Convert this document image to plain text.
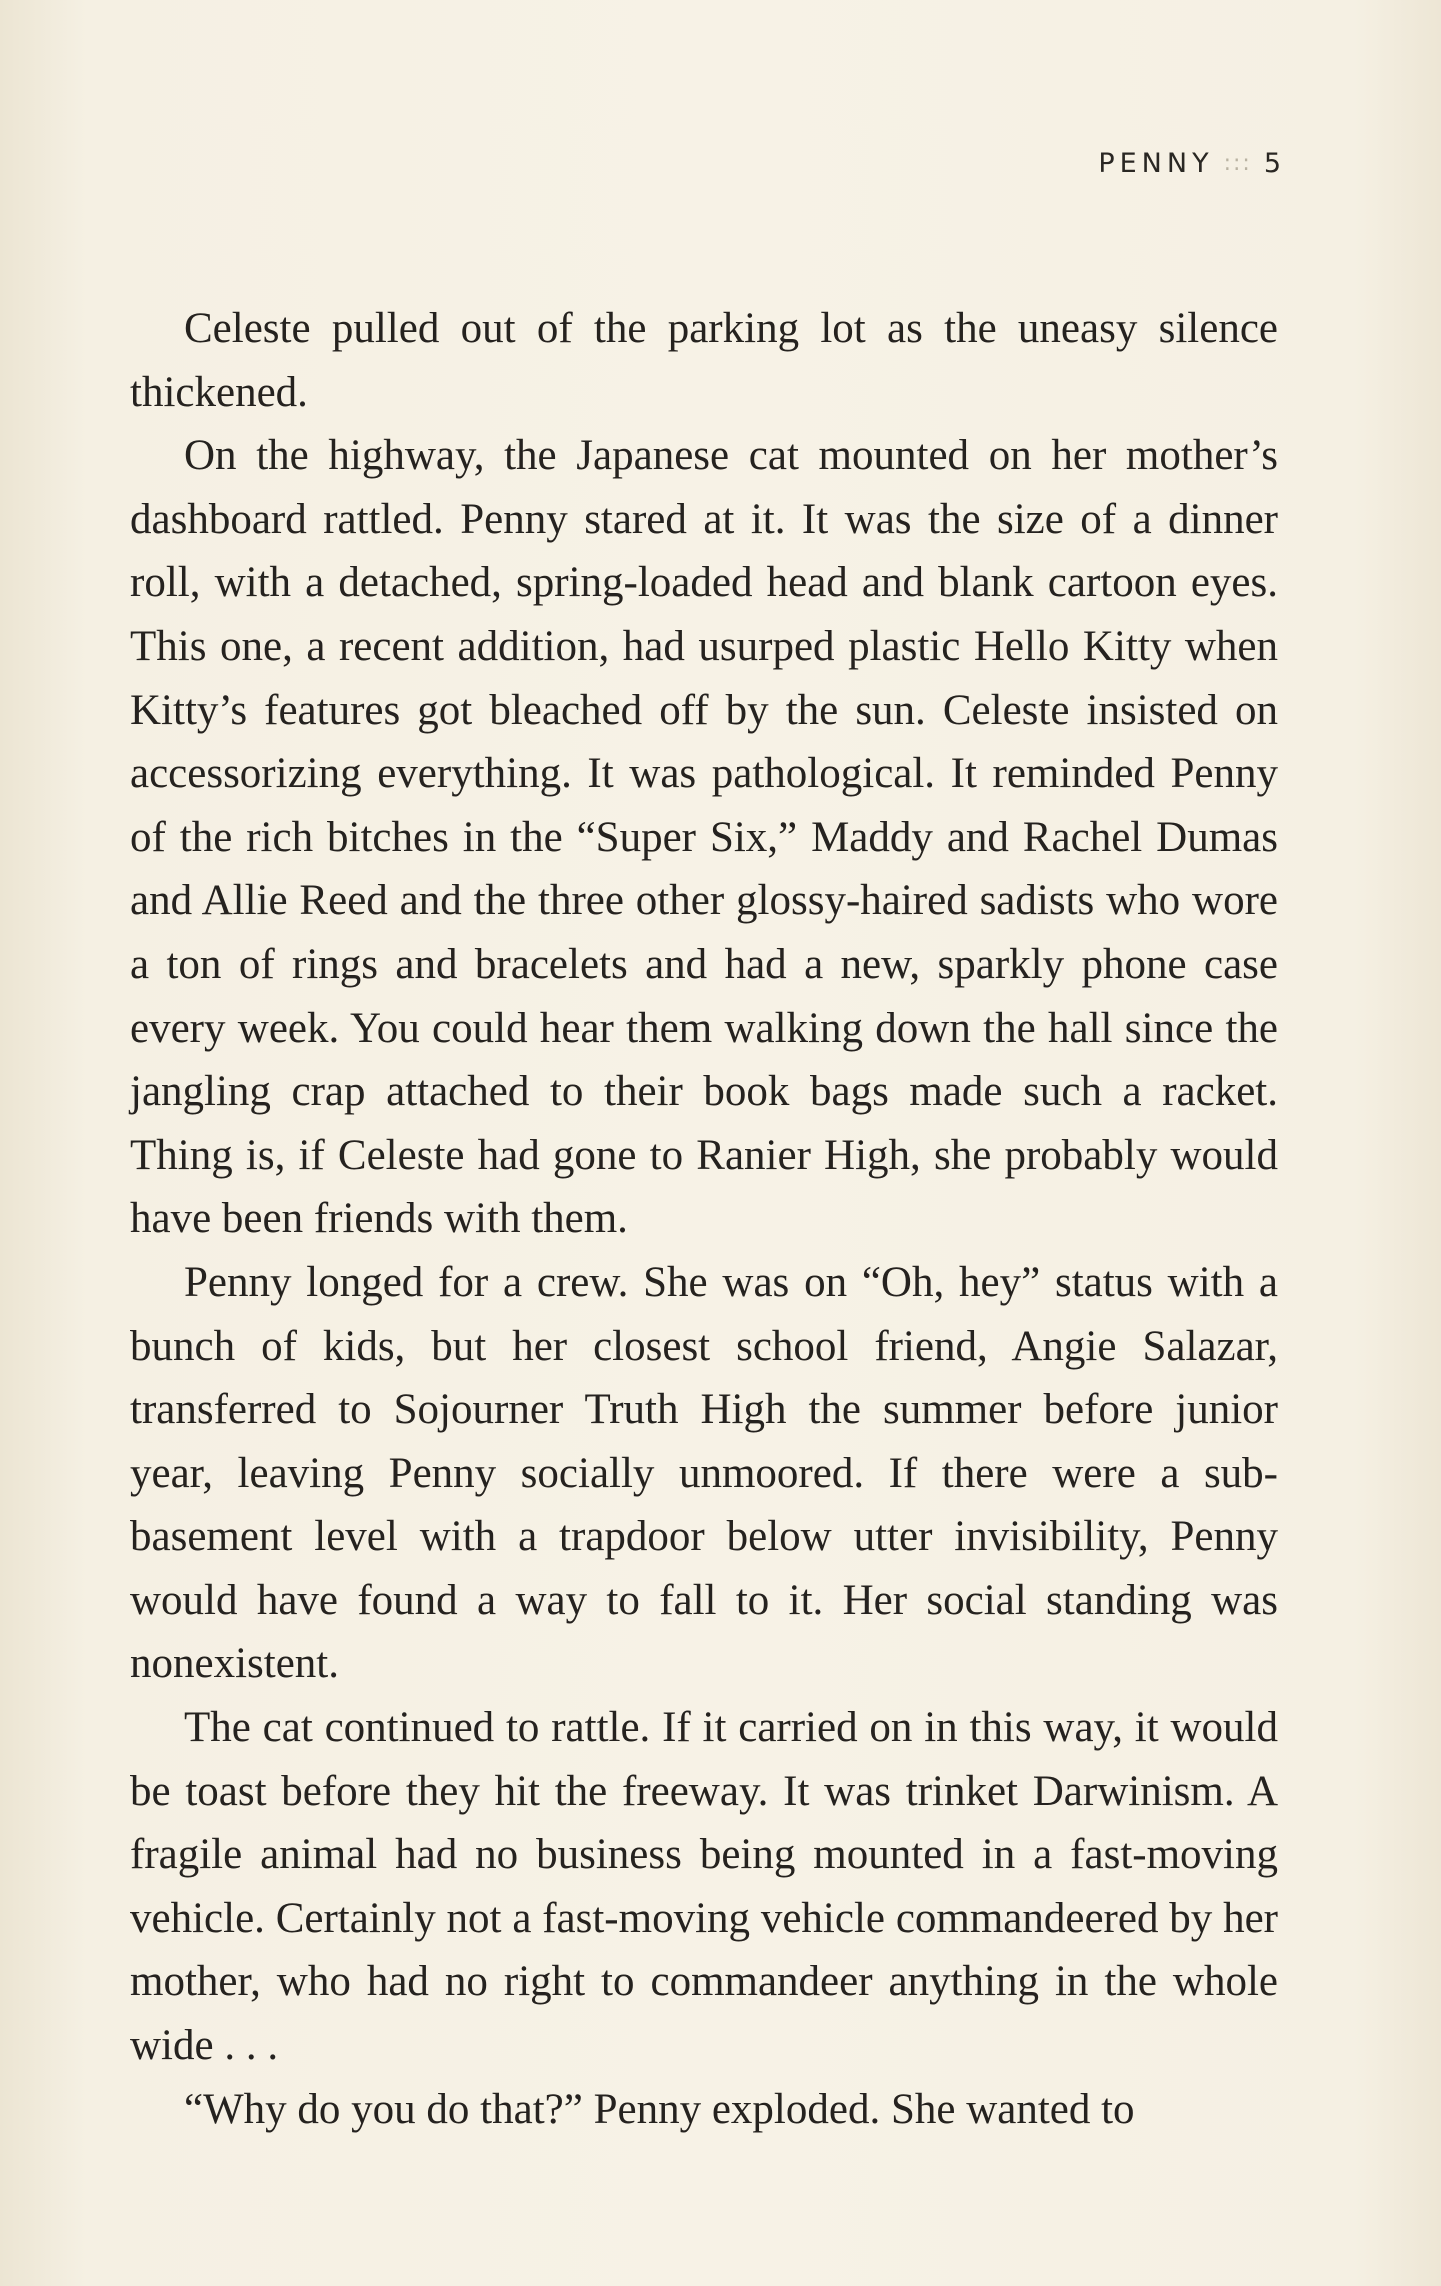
PENNY ::: 5

Celeste pulled out of the parking lot as the uneasy silence thickened.

On the highway, the Japanese cat mounted on her mother’s dashboard rattled. Penny stared at it. It was the size of a dinner roll, with a detached, spring-loaded head and blank cartoon eyes. This one, a recent addition, had usurped plastic Hello Kitty when Kitty’s features got bleached off by the sun. Celeste insisted on accessorizing everything. It was pathological. It reminded Penny of the rich bitches in the “Super Six,” Maddy and Rachel Dumas and Allie Reed and the three other glossy-haired sadists who wore a ton of rings and bracelets and had a new, sparkly phone case every week. You could hear them walking down the hall since the jangling crap attached to their book bags made such a racket. Thing is, if Celeste had gone to Ranier High, she probably would have been friends with them.

Penny longed for a crew. She was on “Oh, hey” status with a bunch of kids, but her closest school friend, Angie Salazar, transferred to Sojourner Truth High the summer before junior year, leaving Penny socially unmoored. If there were a sub-basement level with a trapdoor below utter invisibility, Penny would have found a way to fall to it. Her social standing was nonexistent.

The cat continued to rattle. If it carried on in this way, it would be toast before they hit the freeway. It was trinket Darwinism. A fragile animal had no business being mounted in a fast-moving vehicle. Certainly not a fast-moving vehicle commandeered by her mother, who had no right to commandeer anything in the whole wide . . .

“Why do you do that?” Penny exploded. She wanted to
